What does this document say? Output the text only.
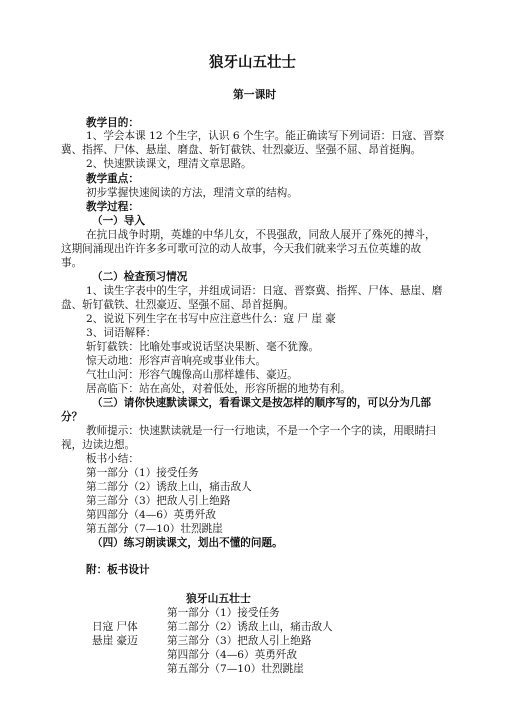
狼牙山五壮士
第一课时
教学目的：
1、学会本课 12 个生字，认识 6 个生字。能正确读写下列词语：日寇、晋察
冀、指挥、尸体、悬崖、磨盘、斩钉截铁、壮烈豪迈、坚强不屈、昂首挺胸。
2、快速默读课文，理清文章思路。
教学重点：
初步掌握快速阅读的方法，理清文章的结构。
教学过程：
（一）导入
在抗日战争时期，英雄的中华儿女，不畏强敌，同敌人展开了殊死的搏斗，
这期间涌现出许许多多可歌可泣的动人故事，今天我们就来学习五位英雄的故
事。
（二）检查预习情况
1、读生字表中的生字，并组成词语：日寇、晋察冀、指挥、尸体、悬崖、磨
盘、斩钉截铁、壮烈豪迈、坚强不屈、昂首挺胸。
2、说说下列生字在书写中应注意些什么：寇 尸 崖 豪
3、词语解释：
斩钉截铁：比喻处事或说话坚决果断、毫不犹豫。
惊天动地：形容声音响亮或事业伟大。
气壮山河：形容气魄像高山那样雄伟、豪迈。
居高临下：站在高处，对着低处，形容所据的地势有利。
（三）请你快速默读课文，看看课文是按怎样的顺序写的，可以分为几部
分？
教师提示：快速默读就是一行一行地读，不是一个字一个字的读，用眼睛扫
视，边读边想。
板书小结：
第一部分（1）接受任务
第二部分（2）诱敌上山，痛击敌人
第三部分（3）把敌人引上绝路
第四部分（4—6）英勇歼敌
第五部分（7—10）壮烈跳崖
（四）练习朗读课文，划出不懂的问题。
附：板书设计
狼牙山五壮士
第一部分（1）接受任务
日寇 尸体	第二部分（2）诱敌上山，痛击敌人
悬崖 豪迈	第三部分（3）把敌人引上绝路
第四部分（4—6）英勇歼敌
第五部分（7—10）壮烈跳崖
